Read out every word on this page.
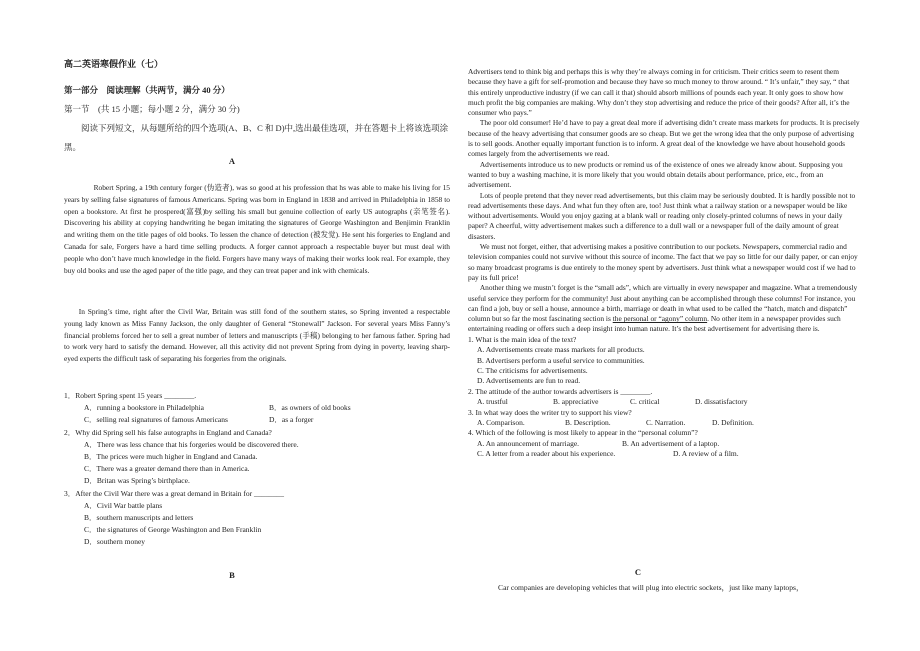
高二英语寒假作业（七）
第一部分　阅读理解（共两节，满分 40 分）
第一节　(共 15 小题；每小题 2 分，满分 30 分)
阅读下列短文，从每题所给的四个选项(A、B、C 和 D)中,选出最佳选项，并在答题卡上将该选项涂黑。
A

Robert Spring, a 19th century forger (伪造者), was so good at his profession that hs was able to make his living for 15 years by selling false signatures of famous Americans. Spring was born in England in 1838 and arrived in Philadelphia in 1858 to open a bookstore. At first he prospered(富强)by selling his small but genuine collection of early US autographs (亲笔签名). Discovering his ability at copying handwriting he began imitating the signatures of George Washington and Benjimin Franklin and writing them on the title pages of old books. To lessen the chance of detection (被发觉). He sent his forgeries to England and Canada for sale, Forgers have a hard time selling products. A forger cannot approach a respectable buyer but must deal with people who don’t have much knowledge in the field. Forgers have many ways of making their works look real. For example, they buy old books and use the aged paper of the title page, and they can treat paper and ink with chemicals.

In Spring’s time, right after the Civil War, Britain was still fond of the southern states, so Spring invented a respectable young lady known as Miss Fanny Jackson, the only daughter of General “Stonewall” Jackson. For several years Miss Fanny’s financial problems forced her to sell a great number of letters and manuscripts (手稿) belonging to her famous father. Spring had to work very hard to satisfy the demand. However, all this activity did not prevent Spring from dying in poverty, leaving sharp-eyed experts the difficult task of separating his forgeries from the originals.

1．Robert Spring spent 15 years ________.
A．running a bookstore in Philadelphia	B．as owners of old books
C．selling real signatures of famous Americans	D．as a forger
2．Why did Spring sell his false autographs in England and Canada?
A．There was less chance that his forgeries would be discovered there.
B．The prices were much higher in England and Canada.
C．There was a greater demand there than in America.
D．Britan was Spring’s birthplace.
3．After the Civil War there was a great demand in Britain for ________
A．Civil War battle plans
B．southern manuscripts and letters
C．the signatures of George Washington and Ben Franklin
D．southern money
B

Advertisers tend to think big and perhaps this is why they’re always coming in for criticism. Their critics seem to resent them because they have a gift for self-promotion and because they have so much money to throw around. “ It’s unfair,” they say, “ that this entirely unproductive industry (if we can call it that) should absorb millions of pounds each year. It only goes to show how much profit the big companies are making. Why don’t they stop advertising and reduce the price of their goods? After all, it’s the consumer who pays.”

The poor old consumer! He’d have to pay a great deal more if advertising didn’t create mass markets for products. It is precisely because of the heavy advertising that consumer goods are so cheap. But we get the wrong idea that the only purpose of advertising is to sell goods. Another equally important function is to inform. A great deal of the knowledge we have about household goods comes largely from the advertisements we read.

Advertisements introduce us to new products or remind us of the existence of ones we already know about. Supposing you wanted to buy a washing machine, it is more likely that you would obtain details about performance, price, etc., from an advertisement.

Lots of people pretend that they never read advertisements, but this claim may be seriously doubted. It is hardly possible not to read advertisements these days. And what fun they often are, too! Just think what a railway station or a newspaper would be like without advertisements. Would you enjoy gazing at a blank wall or reading only closely-printed columns of news in your daily paper? A cheerful, witty advertisement makes such a difference to a dull wall or a newspaper full of the daily amount of great disasters.

We must not forget, either, that advertising makes a positive contribution to our pockets. Newspapers, commercial radio and television companies could not survive without this source of income. The fact that we pay so little for our daily paper, or can enjoy so many broadcast programs is due entirely to the money spent by advertisers. Just think what a newspaper would cost if we had to pay its full price!

Another thing we mustn’t forget is the “small ads”, which are virtually in every newspaper and magazine. What a tremendously useful service they perform for the community! Just about anything can be accomplished through these columns! For instance, you can find a job, buy or sell a house, announce a birth, marriage or death in what used to be called the “hatch, match and dispatch” column but so far the most fascinating section is the personal or “agony” column. No other item in a newspaper provides such entertaining reading or offers such a deep insight into human nature. It’s the best advertisement for advertising there is.

1. What is the main idea of the text?
A. Advertisements create mass markets for all products.
B. Advertisers perform a useful service to communities.
C. The criticisms for advertisements.
D. Advertisements are fun to read.
2. The attitude of the author towards advertisers is ________.
A. trustful	B. appreciative	C. critical	D. dissatisfactory
3. In what way does the writer try to support his view?
A. Comparison.	B. Description.	C. Narration.	D. Definition.
4. Which of the following is most likely to appear in the “personal column”?
A. An announcement of marriage.	B. An advertisement of a laptop.
C. A letter from a reader about his experience.	D. A review of a film.
C

Car companies are developing vehicles that will plug into electric sockets，just like many laptops，
